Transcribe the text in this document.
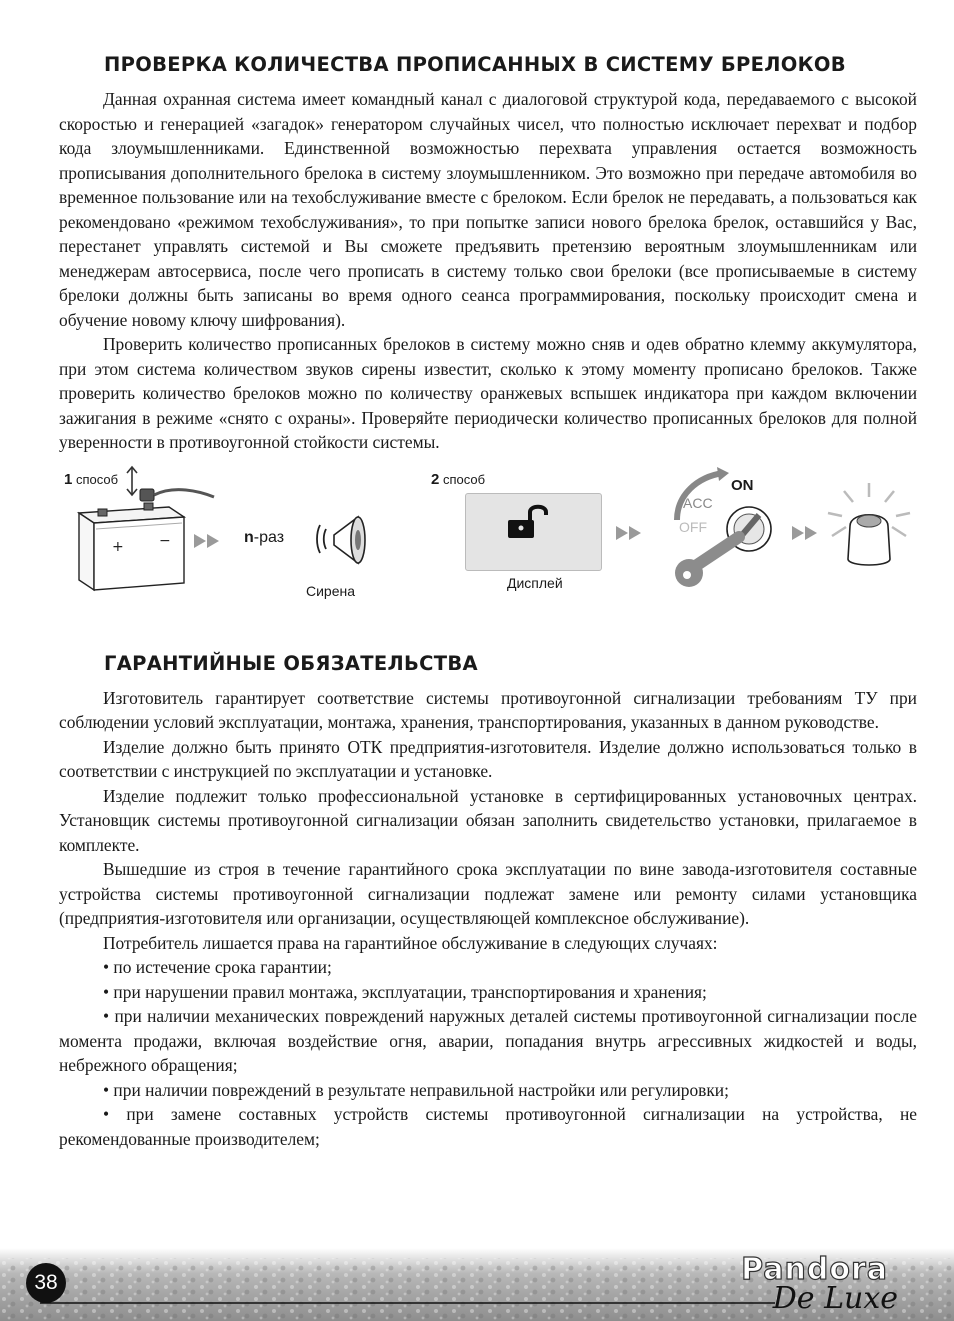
ПРОВЕРКА КОЛИЧЕСТВА ПРОПИСАННЫХ В СИСТЕМУ БРЕЛОКОВ

Данная охранная система имеет командный канал с диалоговой структурой кода, передаваемого с высокой скоростью и генерацией «загадок» генератором случайных чисел, что полностью исключает перехват и подбор кода злоумышленниками. Единственной возможностью перехвата управления остается возможность прописывания дополнительного брелока в систему злоумышленником. Это возможно при передаче автомобиля во временное пользование или на техобслуживание вместе с брелоком. Если брелок не передавать, а пользоваться как рекомендовано «режимом техобслуживания», то при попытке записи нового брелока брелок, оставшийся у Вас, перестанет управлять системой и Вы сможете предъявить претензию вероятным злоумышленникам или менеджерам автосервиса, после чего прописать в систему только свои брелоки (все прописываемые в систему брелоки должны быть записаны во время одного сеанса программирования, поскольку происходит смена и обучение новому ключу шифрования).

Проверить количество прописанных брелоков в систему можно сняв и одев обратно клемму аккумулятора, при этом система количеством звуков сирены известит, сколько к этому моменту прописано брелоков. Также проверить количество брелоков можно по количеству оранжевых вспышек индикатора при каждом включении зажигания в режиме «снято с охраны». Проверяйте периодически количество прописанных брелоков для полной уверенности в противоугонной стойкости системы.

1 способ
+	−	n-раз
Сирена
2 способ
Дисплей
ON
ACC
OFF
ГАРАНТИЙНЫЕ ОБЯЗАТЕЛЬСТВА

Изготовитель гарантирует соответствие системы противоугонной сигнализации требованиям ТУ при соблюдении условий эксплуатации, монтажа, хранения, транспортирования, указанных в данном руководстве.

Изделие должно быть принято ОТК предприятия-изготовителя. Изделие должно использоваться только в соответствии с инструкцией по эксплуатации и установке.

Изделие подлежит только профессиональной установке в сертифицированных установочных центрах. Установщик системы противоугонной сигнализации обязан заполнить свидетельство установки, прилагаемое в комплекте.

Вышедшие из строя в течение гарантийного срока эксплуатации по вине завода-изготовителя составные устройства системы противоугонной сигнализации подлежат замене или ремонту силами установщика (предприятия-изготовителя или организации, осуществляющей комплексное обслуживание).

Потребитель лишается права на гарантийное обслуживание в следующих случаях:

• по истечение срока гарантии;

• при нарушении правил монтажа, эксплуатации, транспортирования и хранения;

• при наличии механических повреждений наружных деталей системы противоугонной сигнализации после момента продажи, включая воздействие огня, аварии, попадания внутрь агрессивных жидкостей и воды, небрежного обращения;

• при наличии повреждений в результате неправильной настройки или регулировки;

• при замене составных устройств системы противоугонной сигнализации на устройства, не рекомендованные производителем;

38	Pandora
De Luxe
